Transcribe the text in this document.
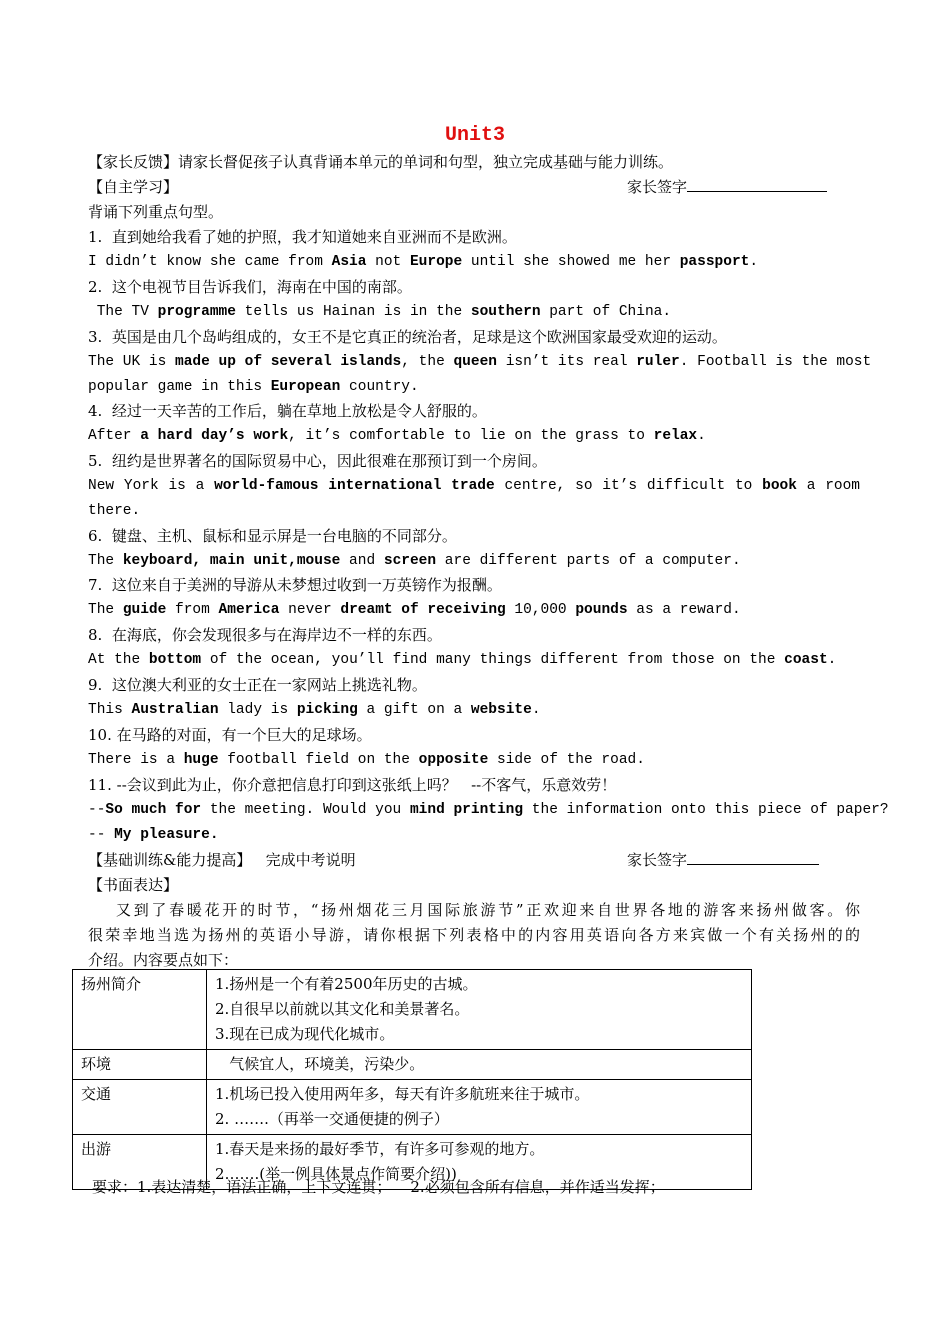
Unit3
【家长反馈】请家长督促孩子认真背诵本单元的单词和句型，独立完成基础与能力训练。
【自主学习】	家长签字
背诵下列重点句型。
1.  直到她给我看了她的护照，我才知道她来自亚洲而不是欧洲。
I didn’t know she came from Asia not Europe until she showed me her passport.
2.  这个电视节目告诉我们，海南在中国的南部。
The TV programme tells us Hainan is in the southern part of China.
3.  英国是由几个岛屿组成的，女王不是它真正的统治者，足球是这个欧洲国家最受欢迎的运动。
The UK is made up of several islands, the queen isn’t its real ruler. Football is the most
popular game in this European country.
4.  经过一天辛苦的工作后，躺在草地上放松是令人舒服的。
After a hard day’s work, it’s comfortable to lie on the grass to relax.
5.  纽约是世界著名的国际贸易中心，因此很难在那预订到一个房间。
New York is a world-famous international trade centre, so it’s difficult to book a room
there.
6.  键盘、主机、鼠标和显示屏是一台电脑的不同部分。
The keyboard, main unit,mouse and screen are different parts of a computer.
7.  这位来自于美洲的导游从未梦想过收到一万英镑作为报酬。
The guide from America never dreamt of receiving 10,000 pounds as a reward.
8.  在海底，你会发现很多与在海岸边不一样的东西。
At the bottom of the ocean, you’ll find many things different from those on the coast.
9.  这位澳大利亚的女士正在一家网站上挑选礼物。
This Australian lady is picking a gift on a website.
10. 在马路的对面，有一个巨大的足球场。
There is a huge football field on the opposite side of the road.
11. --会议到此为止，你介意把信息打印到这张纸上吗？   --不客气，乐意效劳！
--So much for the meeting. Would you mind printing the information onto this piece of paper?
-- My pleasure.
【基础训练&能力提高】 完成中考说明	家长签字
【书面表达】
又到了春暖花开的时节，“扬州烟花三月国际旅游节”正欢迎来自世界各地的游客来扬州做客。你
很荣幸地当选为扬州的英语小导游，请你根据下列表格中的内容用英语向各方来宾做一个有关扬州的的
介绍。内容要点如下：
扬州简介	1.扬州是一个有着2500年历史的古城。
2.自很早以前就以其文化和美景著名。
3.现在已成为现代化城市。

环境	气候宜人，环境美，污染少。

交通	1.机场已投入使用两年多，每天有许多航班来往于城市。
2. …….（再举一交通便捷的例子）

出游	1.春天是来扬的最好季节，有许多可参观的地方。
2…….(举一例具体景点作简要介绍))
要求：1.表达清楚，语法正确，上下文连贯；    2.必须包含所有信息，并作适当发挥；
